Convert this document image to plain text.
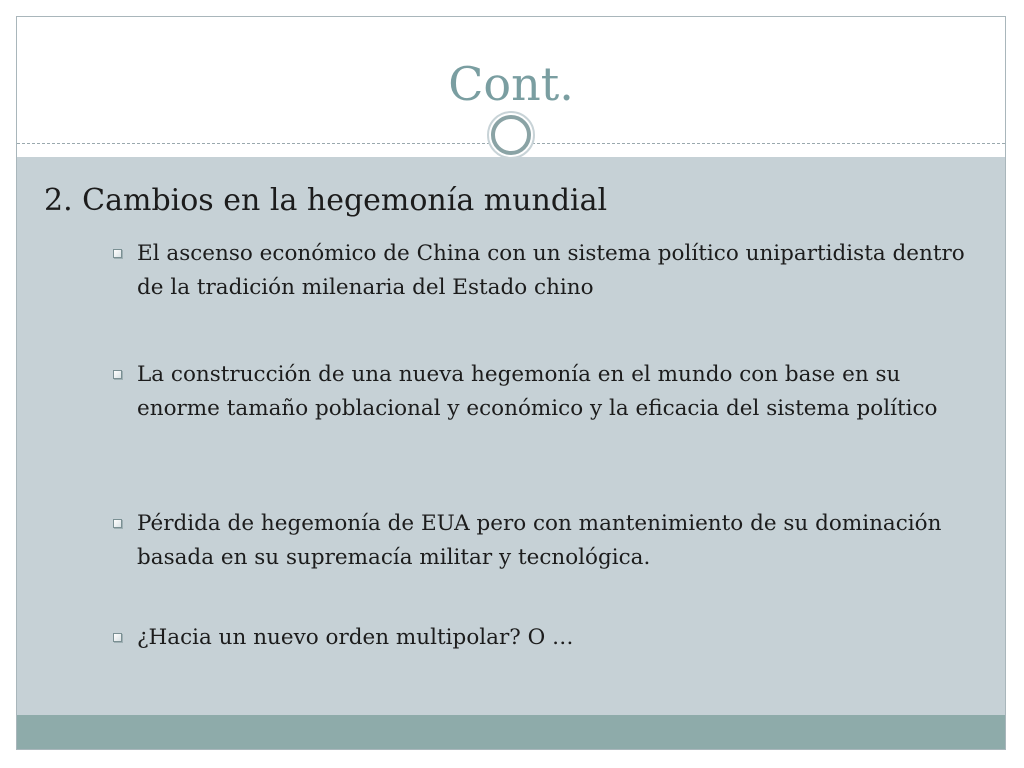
Cont.
2. Cambios en la hegemonía mundial
El ascenso económico de China con un sistema político unipartidista dentro de la tradición milenaria del Estado chino
La construcción de una nueva hegemonía en el mundo con base en su enorme tamaño poblacional y económico y la eficacia del sistema político
Pérdida de hegemonía de EUA pero con mantenimiento de su dominación basada en su supremacía militar y tecnológica.
¿Hacia un nuevo orden multipolar? O …
